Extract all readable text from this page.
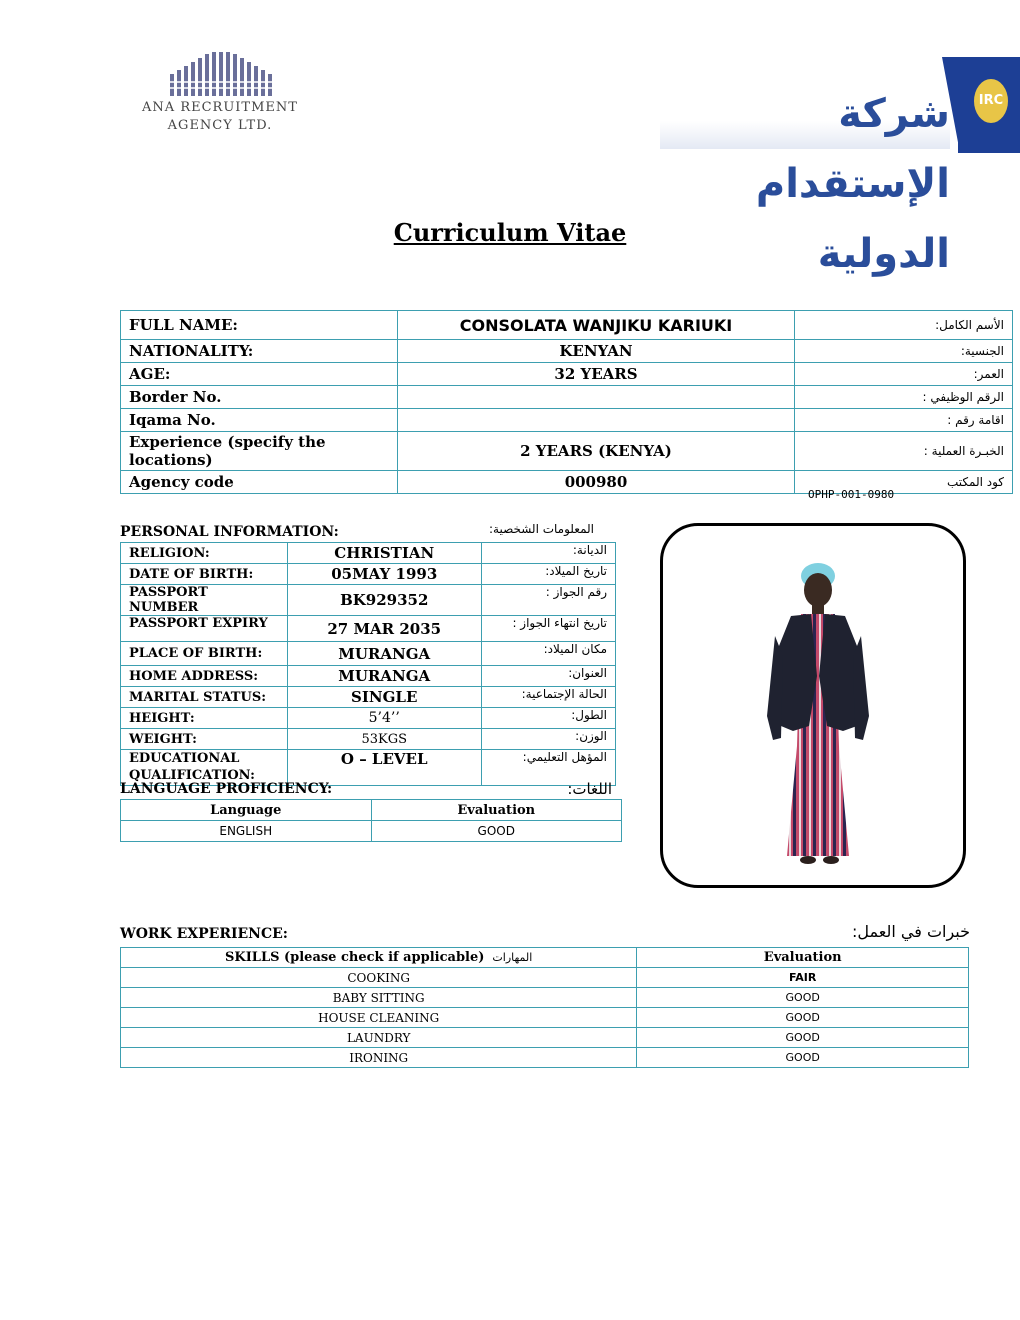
ANA RECRUITMENT
AGENCY LTD.	شركة الإستقدام الدولية
IRC
Curriculum Vitae
FULL NAME:	CONSOLATA WANJIKU KARIUKI	الأسم الكامل:
NATIONALITY:	KENYAN	الجنسية:
AGE:	32 YEARS	العمر:
Border No.		الرقم الوظيفي :
Iqama No.		اقامة رقم :
Experience (specify the locations)	2 YEARS (KENYA)	الخبـرة العملية :
Agency code	000980	كود المكتب
OPHP-001-0980
PERSONAL INFORMATION:	المعلومات الشخصية:
RELIGION:	CHRISTIAN	الديانة:
DATE OF BIRTH:	05MAY 1993	تاريخ الميلاد:
PASSPORT NUMBER	BK929352	رقم الجواز :
PASSPORT EXPIRY	27 MAR 2035	تاريخ انتهاء الجواز :
PLACE OF BIRTH:	MURANGA	مكان الميلاد:
HOME ADDRESS:	MURANGA	العنوان:
MARITAL STATUS:	SINGLE	الحالة الإجتماعية:
HEIGHT:	5’4’’	الطول:
WEIGHT:	53KGS	الوزن:
EDUCATIONAL QUALIFICATION:	O – LEVEL	المؤهل التعليمي:
LANGUAGE PROFICIENCY:	اللغات:
Language	Evaluation
ENGLISH	GOOD
WORK EXPERIENCE:	خبرات في العمل:
SKILLS (please check if applicable) المهارات	Evaluation
COOKING	FAIR
BABY SITTING	GOOD
HOUSE CLEANING	GOOD
LAUNDRY	GOOD
IRONING	GOOD
